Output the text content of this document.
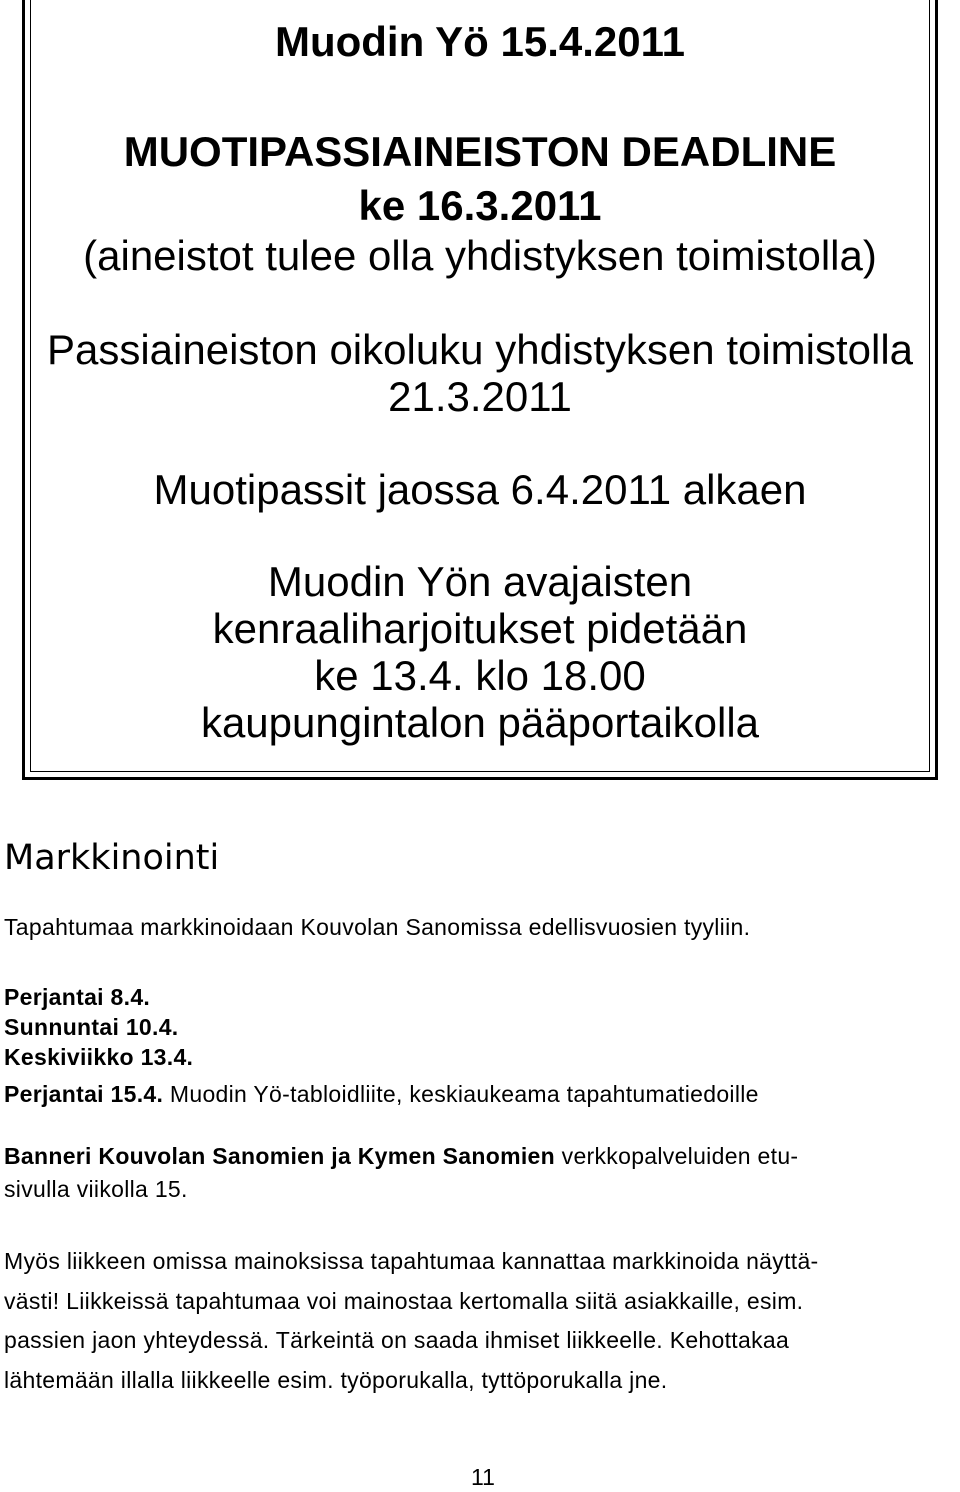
Muodin Yö 15.4.2011
MUOTIPASSIAINEISTON DEADLINE
ke 16.3.2011
(aineistot tulee olla yhdistyksen toimistolla)
Passiaineiston oikoluku yhdistyksen toimistolla
21.3.2011
Muotipassit jaossa 6.4.2011 alkaen
Muodin Yön avajaisten
kenraaliharjoitukset pidetään
ke 13.4. klo 18.00
kaupungintalon pääportaikolla
Markkinointi
Tapahtumaa markkinoidaan Kouvolan Sanomissa edellisvuosien tyyliin.
Perjantai 8.4.
Sunnuntai 10.4.
Keskiviikko 13.4.
Perjantai 15.4. Muodin Yö-tabloidliite, keskiaukeama tapahtumatiedoille
Banneri Kouvolan Sanomien ja Kymen Sanomien verkkopalveluiden etu-
sivulla viikolla 15.
Myös liikkeen omissa mainoksissa tapahtumaa kannattaa markkinoida näyttä-
västi! Liikkeissä tapahtumaa voi mainostaa kertomalla siitä asiakkaille, esim.
passien jaon yhteydessä. Tärkeintä on saada ihmiset liikkeelle. Kehottakaa
lähtemään illalla liikkeelle esim. työporukalla, tyttöporukalla jne.
11
